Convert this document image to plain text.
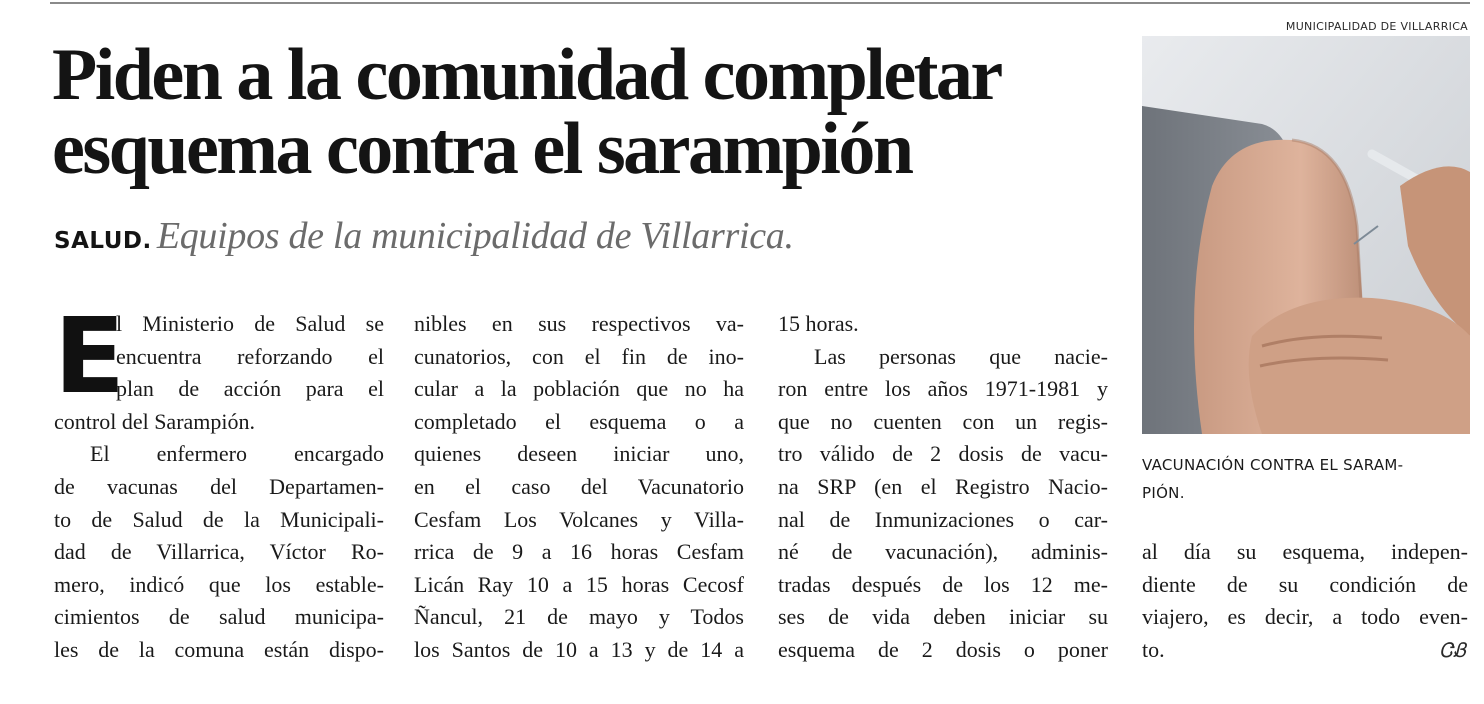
Piden a la comunidad completar
esquema contra el sarampión
SALUD. Equipos de la municipalidad de Villarrica.
E
l Ministerio de Salud se
encuentra reforzando el
plan de acción para el
control del Sarampión.
El enfermero encargado
de vacunas del Departamen-
to de Salud de la Municipali-
dad de Villarrica, Víctor Ro-
mero, indicó que los estable-
cimientos de salud municipa-
les de la comuna están dispo-
nibles en sus respectivos va-
cunatorios, con el fin de ino-
cular a la población que no ha
completado el esquema o a
quienes deseen iniciar uno,
en el caso del Vacunatorio
Cesfam Los Volcanes y Villa-
rrica de 9 a 16 horas Cesfam
Licán Ray 10 a 15 horas Cecosf
Ñancul, 21 de mayo y Todos
los Santos de 10 a 13 y de 14 a
15 horas.
Las personas que nacie-
ron entre los años 1971-1981 y
que no cuenten con un regis-
tro válido de 2 dosis de vacu-
na SRP (en el Registro Nacio-
nal de Inmunizaciones o car-
né de vacunación), adminis-
tradas después de los 12 me-
ses de vida deben iniciar su
esquema de 2 dosis o poner
MUNICIPALIDAD DE VILLARRICA
VACUNACIÓN CONTRA EL SARAM-
PIÓN.
al día su esquema, indepen-
diente de su condición de
viajero, es decir, a todo even-
to.	ᏣᏰ
